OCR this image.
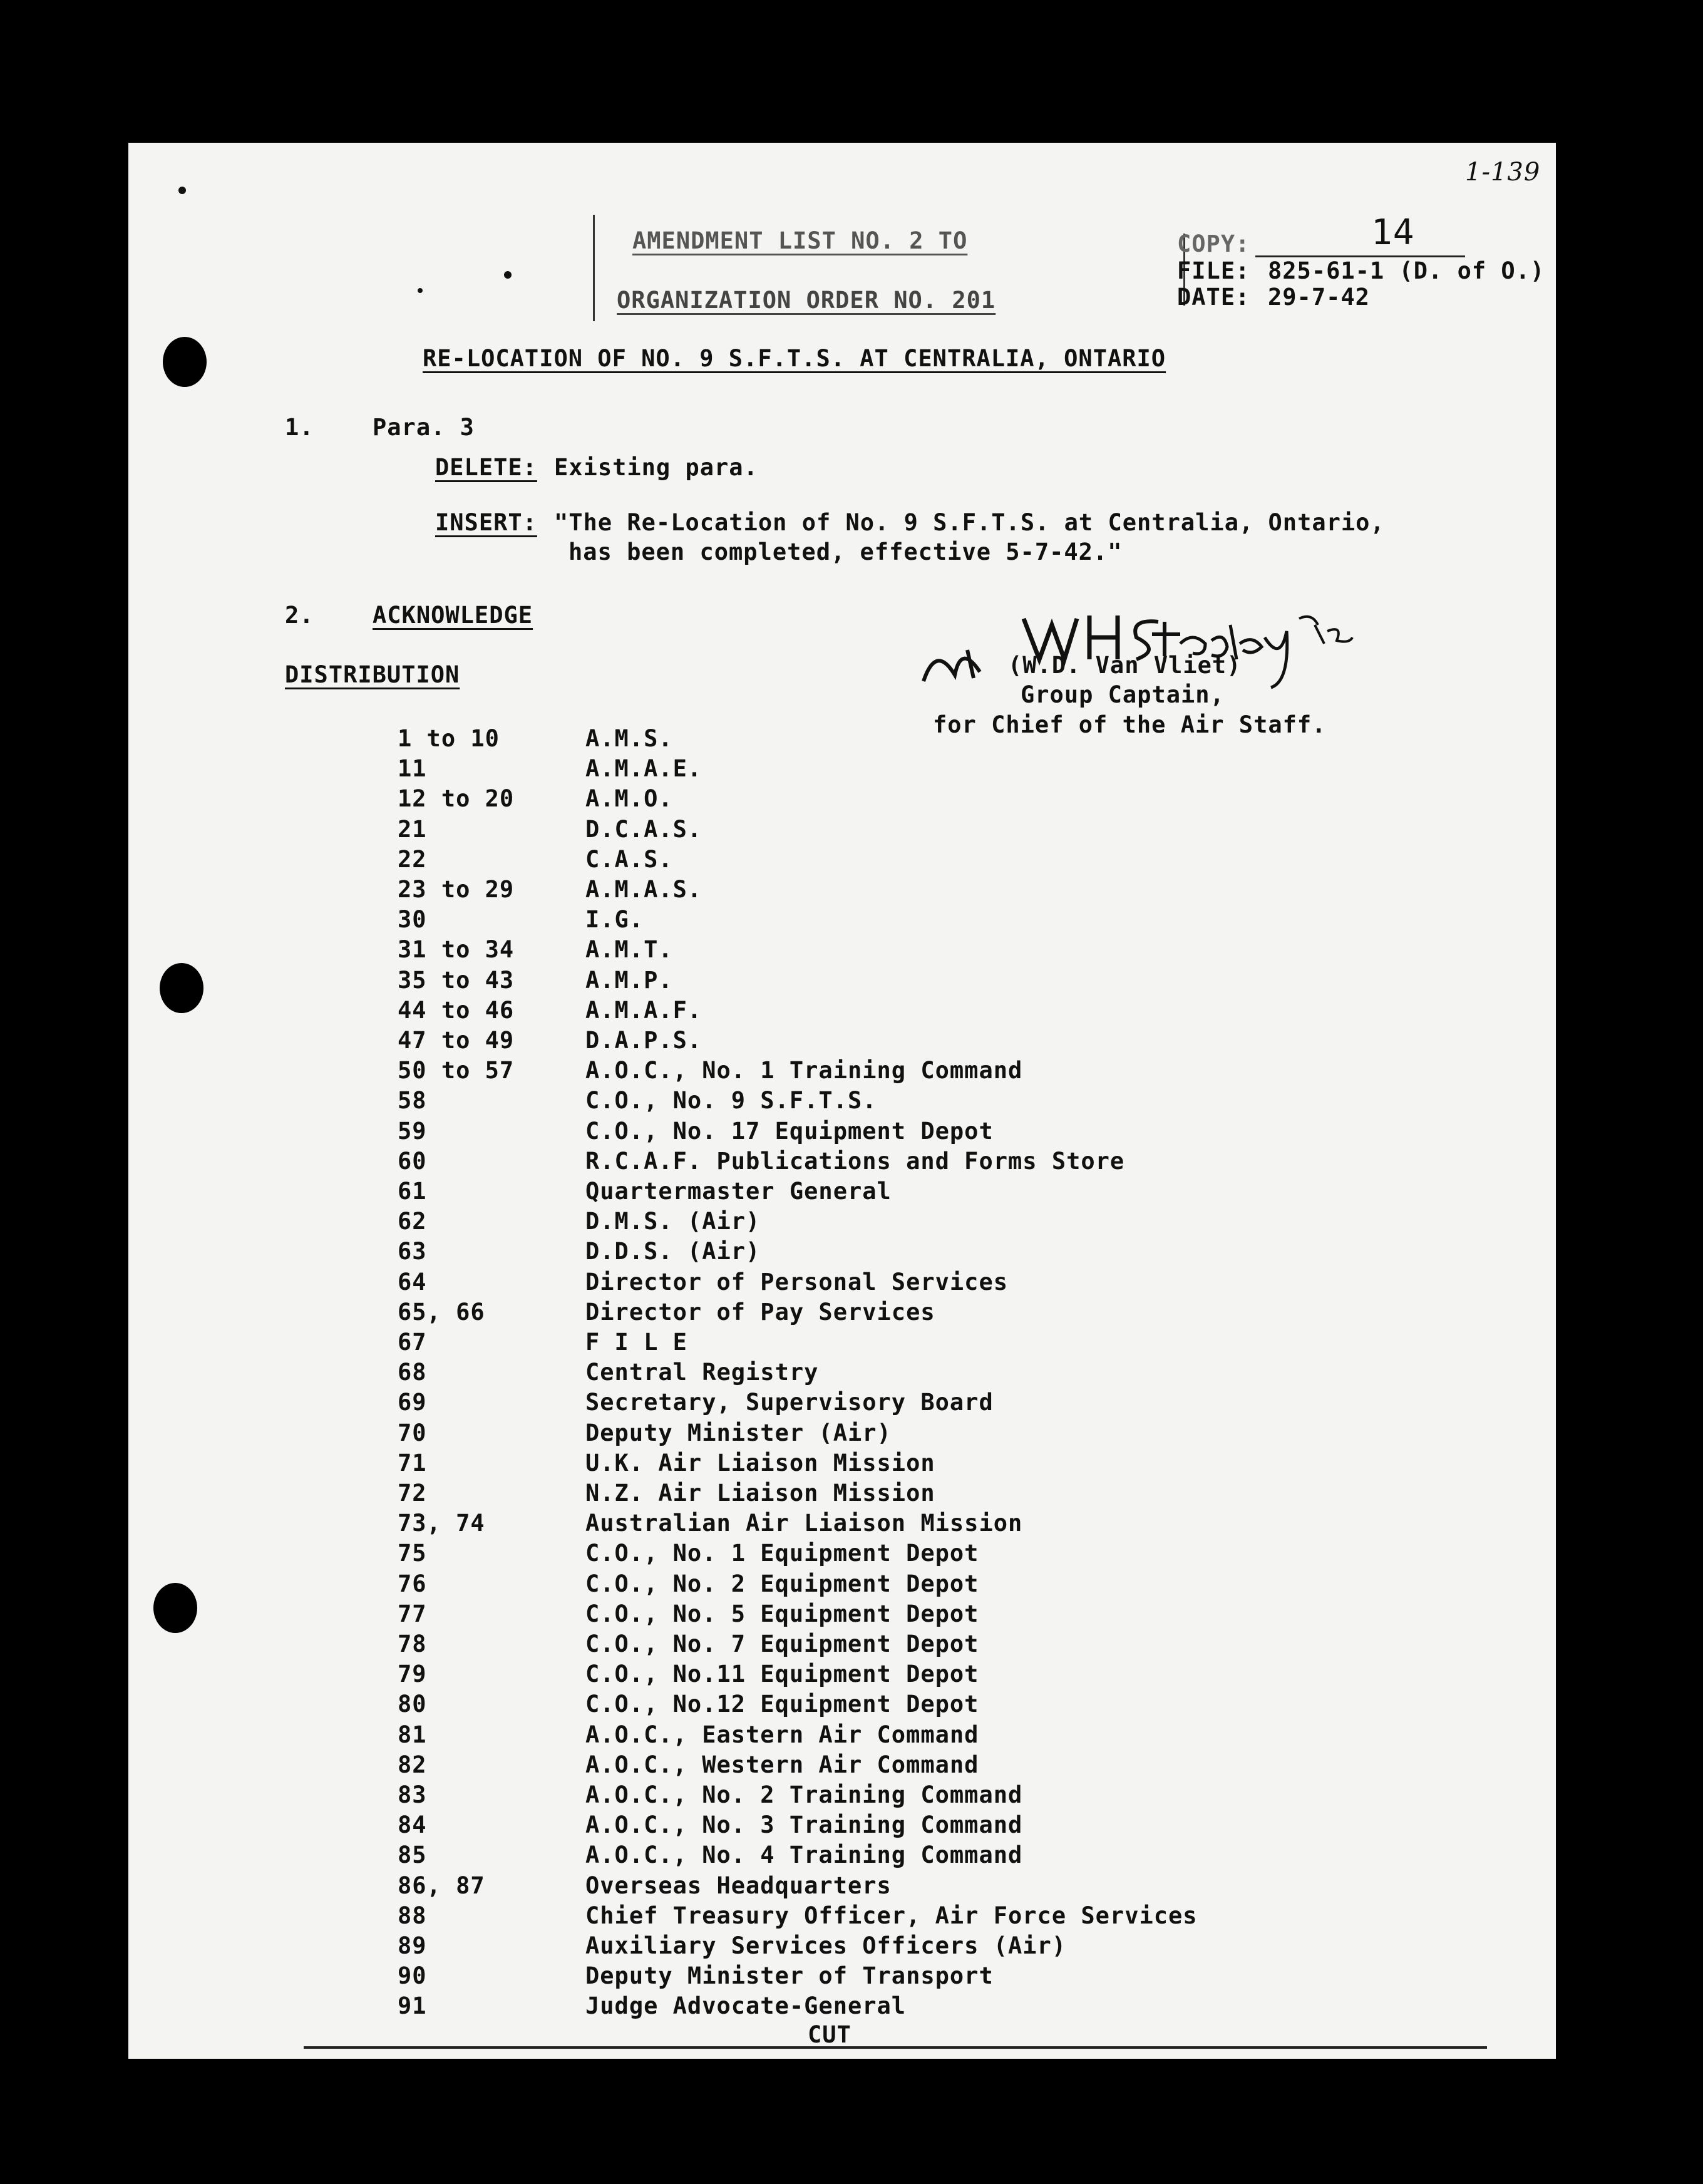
1-139
AMENDMENT LIST NO. 2 TO
ORGANIZATION ORDER NO. 201
COPY:	14
FILE: 825-61-1 (D. of O.)
DATE: 29-7-42
RE-LOCATION OF NO. 9 S.F.T.S. AT CENTRALIA, ONTARIO
1.	Para. 3
DELETE: Existing para.
INSERT: "The Re-Location of No. 9 S.F.T.S. at Centralia, Ontario,
has been completed, effective 5-7-42."
2.	ACKNOWLEDGE
(W.D. Van Vliet)
Group Captain,
for Chief of the Air Staff.
DISTRIBUTION
1 to 10	A.M.S.
11	A.M.A.E.
12 to 20	A.M.O.
21	D.C.A.S.
22	C.A.S.
23 to 29	A.M.A.S.
30	I.G.
31 to 34	A.M.T.
35 to 43	A.M.P.
44 to 46	A.M.A.F.
47 to 49	D.A.P.S.
50 to 57	A.O.C., No. 1 Training Command
58	C.O., No. 9 S.F.T.S.
59	C.O., No. 17 Equipment Depot
60	R.C.A.F. Publications and Forms Store
61	Quartermaster General
62	D.M.S. (Air)
63	D.D.S. (Air)
64	Director of Personal Services
65, 66	Director of Pay Services
67	F I L E
68	Central Registry
69	Secretary, Supervisory Board
70	Deputy Minister (Air)
71	U.K. Air Liaison Mission
72	N.Z. Air Liaison Mission
73, 74	Australian Air Liaison Mission
75	C.O., No. 1 Equipment Depot
76	C.O., No. 2 Equipment Depot
77	C.O., No. 5 Equipment Depot
78	C.O., No. 7 Equipment Depot
79	C.O., No.11 Equipment Depot
80	C.O., No.12 Equipment Depot
81	A.O.C., Eastern Air Command
82	A.O.C., Western Air Command
83	A.O.C., No. 2 Training Command
84	A.O.C., No. 3 Training Command
85	A.O.C., No. 4 Training Command
86, 87	Overseas Headquarters
88	Chief Treasury Officer, Air Force Services
89	Auxiliary Services Officers (Air)
90	Deputy Minister of Transport
91	Judge Advocate-General
CUT
